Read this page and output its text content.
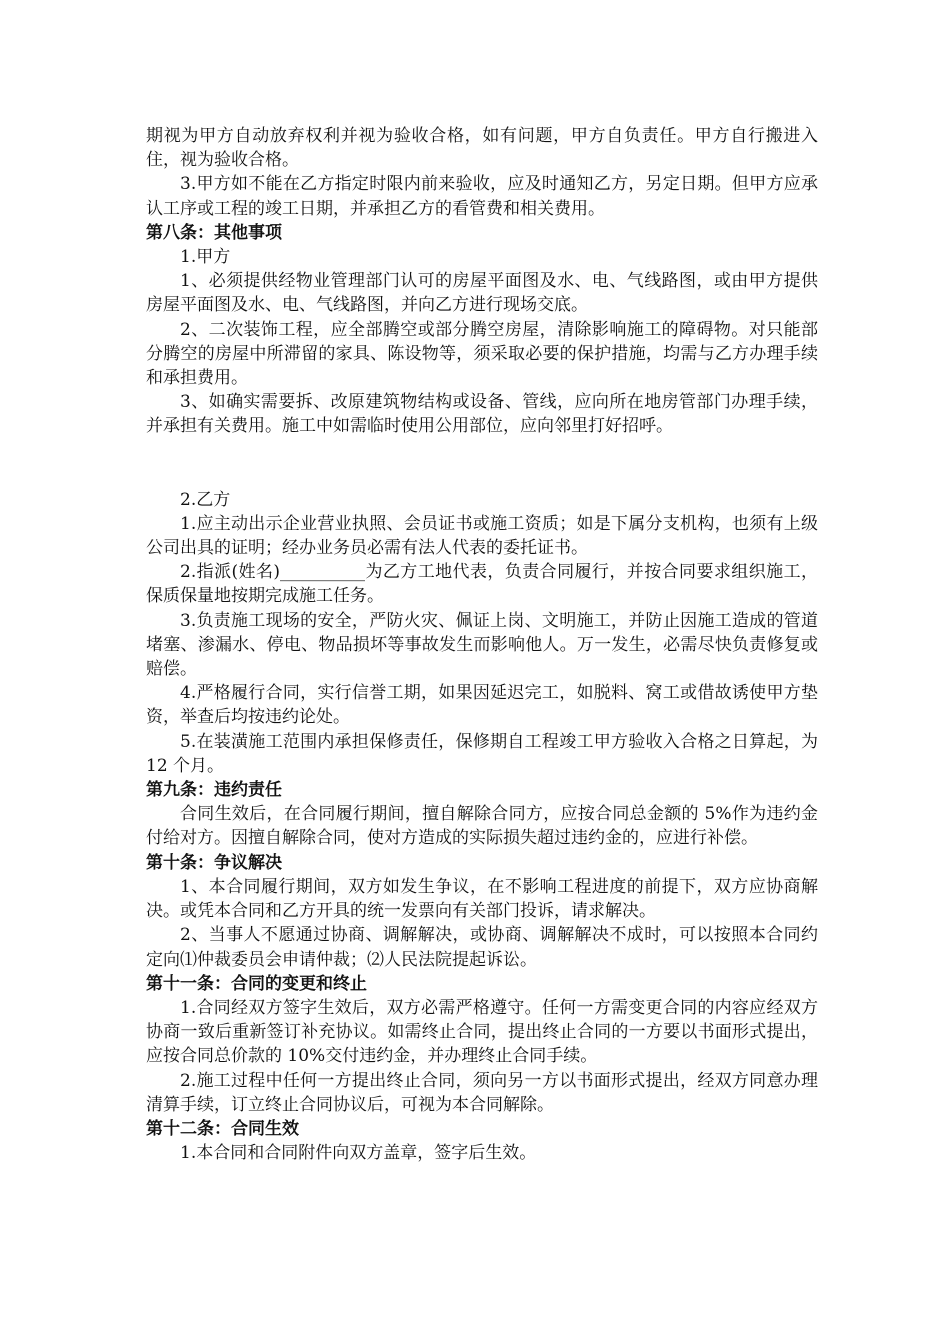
期视为甲方自动放弃权利并视为验收合格，如有问题，甲方自负责任。甲方自行搬进入住，视为验收合格。

3.甲方如不能在乙方指定时限内前来验收，应及时通知乙方，另定日期。但甲方应承认工序或工程的竣工日期，并承担乙方的看管费和相关费用。

第八条：其他事项

1.甲方

1、必须提供经物业管理部门认可的房屋平面图及水、电、气线路图，或由甲方提供房屋平面图及水、电、气线路图，并向乙方进行现场交底。

2、二次装饰工程，应全部腾空或部分腾空房屋，清除影响施工的障碍物。对只能部分腾空的房屋中所滞留的家具、陈设物等，须采取必要的保护措施，均需与乙方办理手续和承担费用。

3、如确实需要拆、改原建筑物结构或设备、管线，应向所在地房管部门办理手续，并承担有关费用。施工中如需临时使用公用部位，应向邻里打好招呼。

2.乙方

1.应主动出示企业营业执照、会员证书或施工资质；如是下属分支机构，也须有上级公司出具的证明；经办业务员必需有法人代表的委托证书。

2.指派(姓名)__________为乙方工地代表，负责合同履行，并按合同要求组织施工，保质保量地按期完成施工任务。

3.负责施工现场的安全，严防火灾、佩证上岗、文明施工，并防止因施工造成的管道堵塞、渗漏水、停电、物品损坏等事故发生而影响他人。万一发生，必需尽快负责修复或赔偿。

4.严格履行合同，实行信誉工期，如果因延迟完工，如脱料、窝工或借故诱使甲方垫资，举查后均按违约论处。

5.在装潢施工范围内承担保修责任，保修期自工程竣工甲方验收入合格之日算起，为 12 个月。

第九条：违约责任

合同生效后，在合同履行期间，擅自解除合同方，应按合同总金额的 5%作为违约金付给对方。因擅自解除合同，使对方造成的实际损失超过违约金的，应进行补偿。

第十条：争议解决

1、本合同履行期间，双方如发生争议，在不影响工程进度的前提下，双方应协商解决。或凭本合同和乙方开具的统一发票向有关部门投诉，请求解决。

2、当事人不愿通过协商、调解解决，或协商、调解解决不成时，可以按照本合同约定向⑴仲裁委员会申请仲裁；⑵人民法院提起诉讼。

第十一条：合同的变更和终止

1.合同经双方签字生效后，双方必需严格遵守。任何一方需变更合同的内容应经双方协商一致后重新签订补充协议。如需终止合同，提出终止合同的一方要以书面形式提出，应按合同总价款的 10%交付违约金，并办理终止合同手续。

2.施工过程中任何一方提出终止合同，须向另一方以书面形式提出，经双方同意办理清算手续，订立终止合同协议后，可视为本合同解除。

第十二条：合同生效

1.本合同和合同附件向双方盖章，签字后生效。
